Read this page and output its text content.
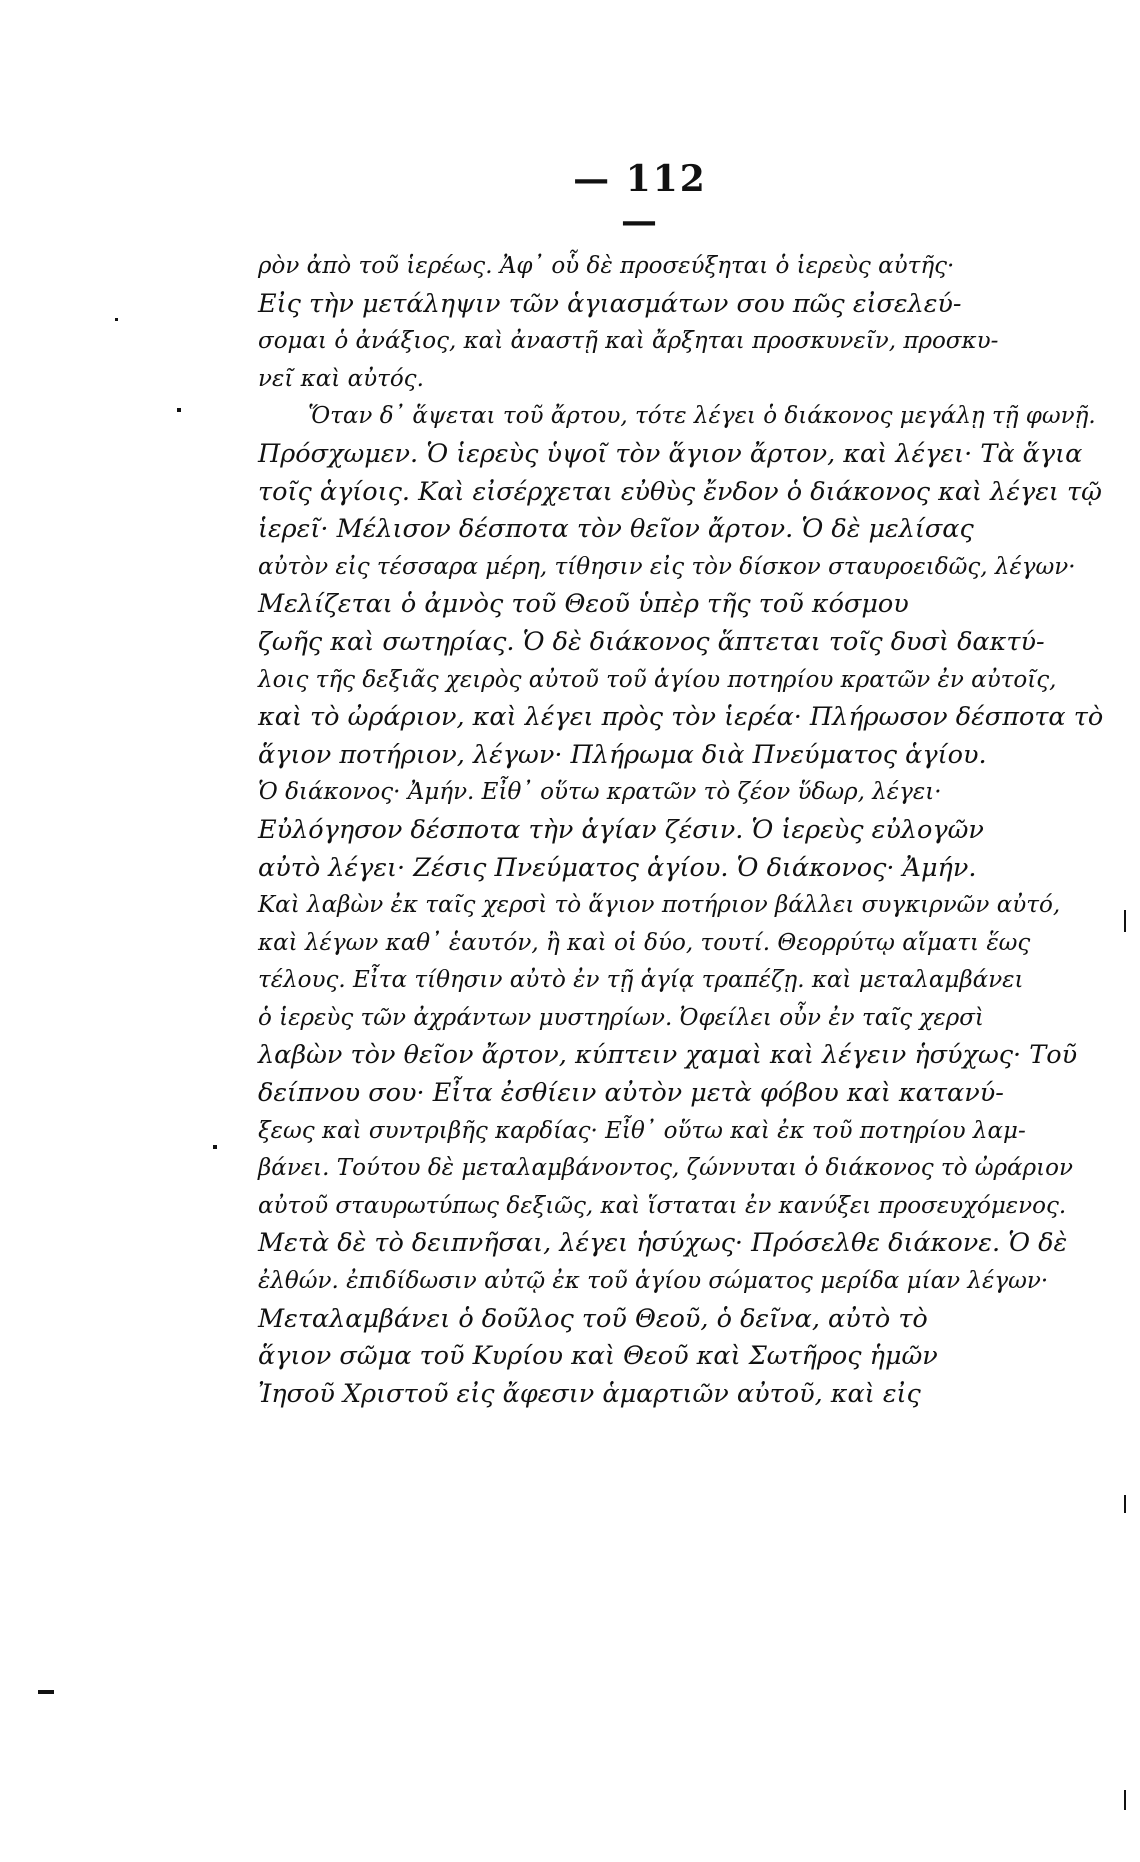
— 112 —
ρὸν ἀπὸ τοῦ ἱερέως. Ἀφ᾽ οὗ δὲ προσεύξηται ὁ ἱερεὺς αὐτῆς·
Εἰς τὴν μετάληψιν τῶν ἁγιασμάτων σου πῶς εἰσελεύ-
σομαι ὁ ἀνάξιος, καὶ ἀναστῇ καὶ ἄρξηται προσκυνεῖν, προσκυ-
νεῖ καὶ αὐτός.
Ὅταν δ᾽ ἅψεται τοῦ ἄρτου, τότε λέγει ὁ διάκονος μεγάλῃ τῇ φωνῇ.
Πρόσχωμεν. Ὁ ἱερεὺς ὑψοῖ τὸν ἅγιον ἄρτον, καὶ λέγει· Τὰ ἅγια
τοῖς ἁγίοις. Καὶ εἰσέρχεται εὐθὺς ἔνδον ὁ διάκονος καὶ λέγει τῷ
ἱερεῖ· Μέλισον δέσποτα τὸν θεῖον ἄρτον. Ὁ δὲ μελίσας
αὐτὸν εἰς τέσσαρα μέρη, τίθησιν εἰς τὸν δίσκον σταυροειδῶς, λέγων·
Μελίζεται ὁ ἀμνὸς τοῦ Θεοῦ ὑπὲρ τῆς τοῦ κόσμου
ζωῆς καὶ σωτηρίας. Ὁ δὲ διάκονος ἅπτεται τοῖς δυσὶ δακτύ-
λοις τῆς δεξιᾶς χειρὸς αὐτοῦ τοῦ ἁγίου ποτηρίου κρατῶν ἐν αὐτοῖς,
καὶ τὸ ὠράριον, καὶ λέγει πρὸς τὸν ἱερέα· Πλήρωσον δέσποτα τὸ
ἅγιον ποτήριον, λέγων· Πλήρωμα διὰ Πνεύματος ἁγίου.
Ὁ διάκονος· Ἀμήν. Εἶθ᾽ οὕτω κρατῶν τὸ ζέον ὕδωρ, λέγει·
Εὐλόγησον δέσποτα τὴν ἁγίαν ζέσιν. Ὁ ἱερεὺς εὐλογῶν
αὐτὸ λέγει· Ζέσις Πνεύματος ἁγίου. Ὁ διάκονος· Ἀμήν.
Καὶ λαβὼν ἐκ ταῖς χερσὶ τὸ ἅγιον ποτήριον βάλλει συγκιρνῶν αὐτό,
καὶ λέγων καθ᾽ ἑαυτόν, ἢ καὶ οἱ δύο, τουτί. Θεορρύτῳ αἵματι ἕως
τέλους. Εἶτα τίθησιν αὐτὸ ἐν τῇ ἁγίᾳ τραπέζῃ. καὶ μεταλαμβάνει
ὁ ἱερεὺς τῶν ἀχράντων μυστηρίων. Ὀφείλει οὖν ἐν ταῖς χερσὶ
λαβὼν τὸν θεῖον ἄρτον, κύπτειν χαμαὶ καὶ λέγειν ἡσύχως· Τοῦ
δείπνου σου· Εἶτα ἐσθίειν αὐτὸν μετὰ φόβου καὶ κατανύ-
ξεως καὶ συντριβῆς καρδίας· Εἶθ᾽ οὕτω καὶ ἐκ τοῦ ποτηρίου λαμ-
βάνει. Τούτου δὲ μεταλαμβάνοντος, ζώννυται ὁ διάκονος τὸ ὠράριον
αὐτοῦ σταυρωτύπως δεξιῶς, καὶ ἵσταται ἐν κανύξει προσευχόμενος.
Μετὰ δὲ τὸ δειπνῆσαι, λέγει ἡσύχως· Πρόσελθε διάκονε. Ὁ δὲ
ἐλθών. ἐπιδίδωσιν αὐτῷ ἐκ τοῦ ἁγίου σώματος μερίδα μίαν λέγων·
Μεταλαμβάνει ὁ δοῦλος τοῦ Θεοῦ, ὁ δεῖνα, αὐτὸ τὸ
ἅγιον σῶμα τοῦ Κυρίου καὶ Θεοῦ καὶ Σωτῆρος ἡμῶν
Ἰησοῦ Χριστοῦ εἰς ἄφεσιν ἁμαρτιῶν αὐτοῦ, καὶ εἰς
